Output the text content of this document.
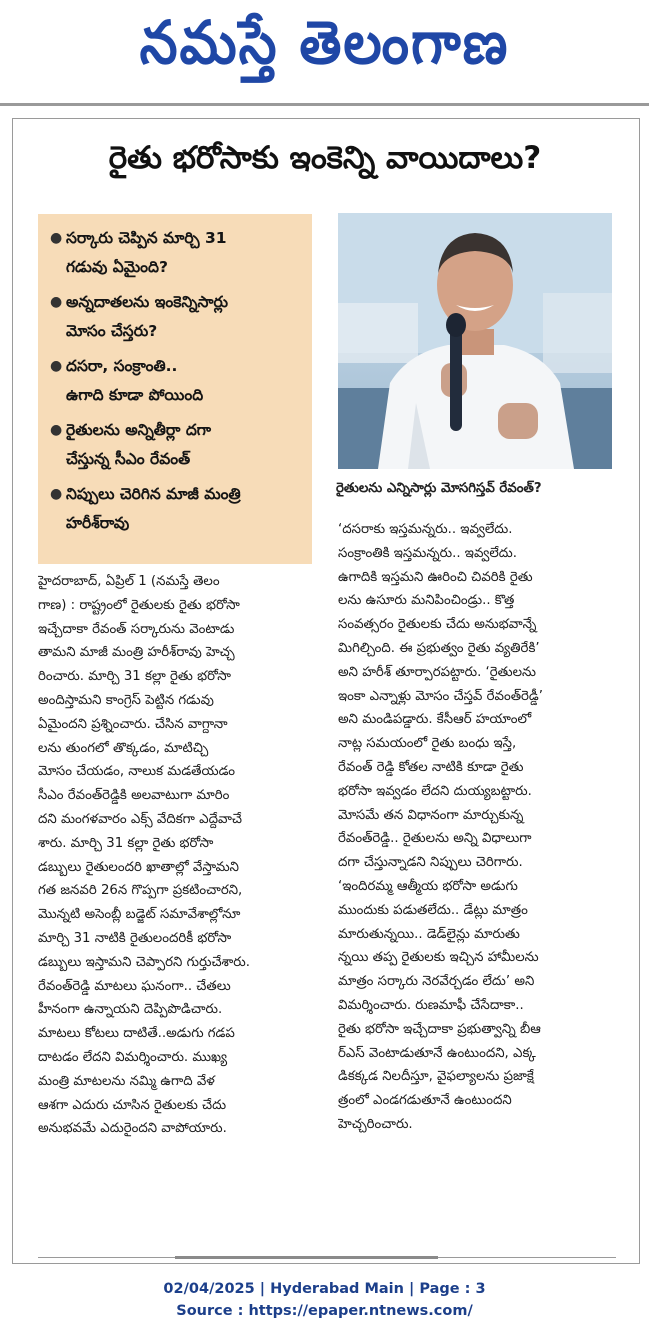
నమస్తే తెలంగాణ
రైతు భరోసాకు ఇంకెన్ని వాయిదాలు?
● సర్కారు చెప్పిన మార్చి 31
గడువు ఏమైంది?
● అన్నదాతలను ఇంకెన్నిసార్లు
మోసం చేస్తరు?
● దసరా, సంక్రాంతి..
ఉగాది కూడా పోయింది
● రైతులను అన్నితీర్లా దగా
చేస్తున్న సీఎం రేవంత్
● నిప్పులు చెరిగిన మాజీ మంత్రి
హరీశ్‌రావు
రైతులను ఎన్నిసార్లు మోసగిస్తవ్ రేవంత్?
హైదరాబాద్, ఏప్రిల్ 1 (నమస్తే తెలం
గాణ) : రాష్ట్రంలో రైతులకు రైతు భరోసా
ఇచ్చేదాకా రేవంత్ సర్కారును వెంటాడు
తామని మాజీ మంత్రి హరీశ్‌రావు హెచ్చ
రించారు. మార్చి 31 కల్లా రైతు భరోసా
అందిస్తామని కాంగ్రెస్ పెట్టిన గడువు
ఏమైందని ప్రశ్నించారు. చేసిన వాగ్దానా
లను తుంగలో తొక్కడం, మాటిచ్చి
మోసం చేయడం, నాలుక మడతేయడం
సీఎం రేవంత్‌రెడ్డికి అలవాటుగా మారిం
దని మంగళవారం ఎక్స్ వేదికగా ఎద్దేవాచే
శారు. మార్చి 31 కల్లా రైతు భరోసా
డబ్బులు రైతులందరి ఖాతాల్లో వేస్తామని
గత జనవరి 26న గొప్పగా ప్రకటించారని,
మొన్నటి అసెంబ్లీ బడ్జెట్ సమావేశాల్లోనూ
మార్చి 31 నాటికి రైతులందరికీ భరోసా
డబ్బులు ఇస్తామని చెప్పారని గుర్తుచేశారు.
రేవంత్‌రెడ్డి మాటలు ఘనంగా.. చేతలు
హీనంగా ఉన్నాయని దెప్పిపొడిచారు.
మాటలు కోటలు దాటితే..అడుగు గడప
దాటడం లేదని విమర్శించారు. ముఖ్య
మంత్రి మాటలను నమ్మి ఉగాది వేళ
ఆశగా ఎదురు చూసిన రైతులకు చేదు
అనుభవమే ఎదురైందని వాపోయారు.
‘దసరాకు ఇస్తమన్నరు.. ఇవ్వలేదు.
సంక్రాంతికి ఇస్తమన్నరు.. ఇవ్వలేదు.
ఉగాదికి ఇస్తమని ఊరించి చివరికి రైతు
లను ఉసూరు మనిపించిండ్రు.. కొత్త
సంవత్సరం రైతులకు చేదు అనుభవాన్నే
మిగిల్చింది. ఈ ప్రభుత్వం రైతు వ్యతిరేకి’
అని హరీశ్ తూర్పారపట్టారు. ‘రైతులను
ఇంకా ఎన్నాళ్లు మోసం చేస్తవ్ రేవంత్‌రెడ్డీ’
అని మండిపడ్డారు. కేసీఆర్ హయాంలో
నాట్ల సమయంలో రైతు బంధు ఇస్తే,
రేవంత్ రెడ్డి కోతల నాటికి కూడా రైతు
భరోసా ఇవ్వడం లేదని దుయ్యబట్టారు.
మోసమే తన విధానంగా మార్చుకున్న
రేవంత్‌రెడ్డి.. రైతులను అన్ని విధాలుగా
దగా చేస్తున్నాడని నిప్పులు చెరిగారు.
‘ఇందిరమ్మ ఆత్మీయ భరోసా అడుగు
ముందుకు పడుతలేదు.. డేట్లు మాత్రం
మారుతున్నయి.. డెడ్‌లైన్లు మారుతు
న్నయి తప్ప రైతులకు ఇచ్చిన హామీలను
మాత్రం సర్కారు నెరవేర్చడం లేదు’ అని
విమర్శించారు. రుణమాఫీ చేసేదాకా..
రైతు భరోసా ఇచ్చేదాకా ప్రభుత్వాన్ని బీఆ
ర్ఎస్ వెంటాడుతూనే ఉంటుందని, ఎక్క
డికక్కడ నిలదీస్తూ, వైఫల్యాలను ప్రజాక్షే
త్రంలో ఎండగడుతూనే ఉంటుందని
హెచ్చరించారు.
02/04/2025 | Hyderabad Main | Page : 3
Source : https://epaper.ntnews.com/
